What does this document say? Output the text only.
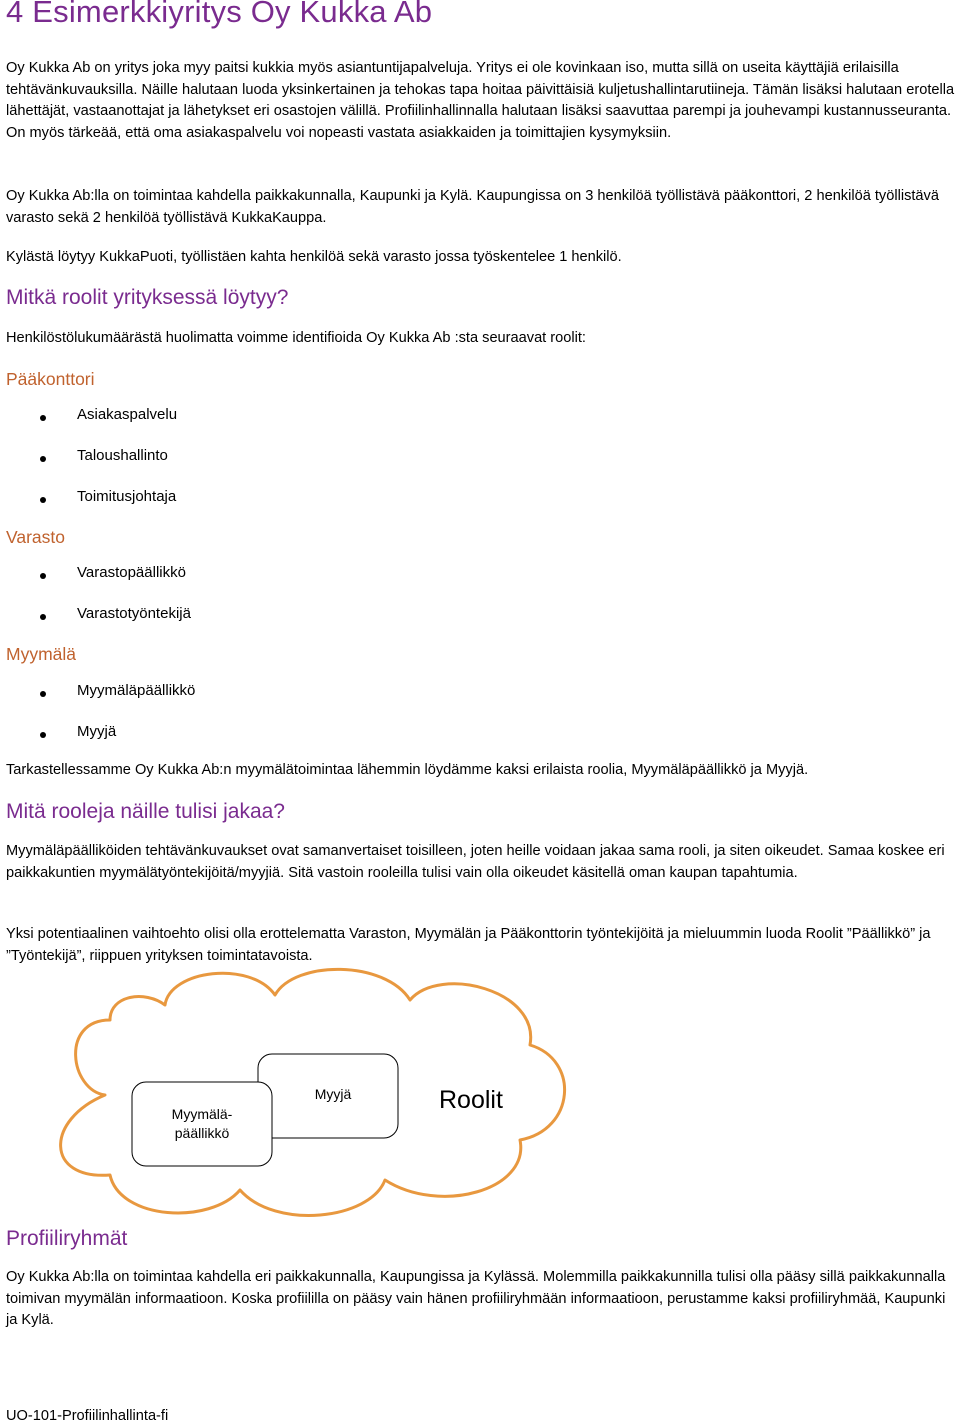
4 Esimerkkiyritys Oy Kukka Ab
Oy Kukka Ab on yritys joka myy paitsi kukkia myös asiantuntijapalveluja. Yritys ei ole kovinkaan iso, mutta sillä on useita käyttäjiä erilaisilla tehtävänkuvauksilla. Näille halutaan luoda yksinkertainen ja tehokas tapa hoitaa päivittäisiä kuljetushallintarutiineja. Tämän lisäksi halutaan erotella lähettäjät, vastaanottajat ja lähetykset eri osastojen välillä. Profiilinhallinnalla halutaan lisäksi saavuttaa parempi ja jouhevampi kustannusseuranta. On myös tärkeää, että oma asiakaspalvelu voi nopeasti vastata asiakkaiden ja toimittajien kysymyksiin.
Oy Kukka Ab:lla on toimintaa kahdella paikkakunnalla, Kaupunki ja Kylä. Kaupungissa on 3 henkilöä työllistävä pääkonttori, 2 henkilöä työllistävä varasto sekä 2 henkilöä työllistävä KukkaKauppa.
Kylästä löytyy KukkaPuoti, työllistäen kahta henkilöä sekä varasto jossa työskentelee 1 henkilö.
Mitkä roolit yrityksessä löytyy?
Henkilöstölukumäärästä huolimatta voimme identifioida Oy Kukka Ab :sta seuraavat roolit:
Pääkonttori
Asiakaspalvelu
Taloushallinto
Toimitusjohtaja
Varasto
Varastopäällikkö
Varastotyöntekijä
Myymälä
Myymäläpäällikkö
Myyjä
Tarkastellessamme Oy Kukka Ab:n myymälätoimintaa lähemmin löydämme kaksi erilaista roolia, Myymäläpäällikkö ja Myyjä.
Mitä rooleja näille tulisi jakaa?
Myymäläpäälliköiden tehtävänkuvaukset ovat samanvertaiset toisilleen, joten heille voidaan jakaa sama rooli, ja siten oikeudet. Samaa koskee eri paikkakuntien myymälätyöntekijöitä/myyjiä. Sitä vastoin rooleilla tulisi vain olla oikeudet käsitellä oman kaupan tapahtumia.
Yksi potentiaalinen vaihtoehto olisi olla erottelematta Varaston, Myymälän ja Pääkonttorin työntekijöitä ja mieluummin luoda Roolit ”Päällikkö” ja ”Työntekijä”, riippuen yrityksen toimintatavoista.
Myymälä-
päällikkö
Myyjä	Roolit
Profiiliryhmät
Oy Kukka Ab:lla on toimintaa kahdella eri paikkakunnalla, Kaupungissa ja Kylässä. Molemmilla paikkakunnilla tulisi olla pääsy sillä paikkakunnalla toimivan myymälän informaatioon. Koska profiililla on pääsy vain hänen profiiliryhmään informaatioon, perustamme kaksi profiiliryhmää, Kaupunki ja Kylä.
UO-101-Profiilinhallinta-fi
